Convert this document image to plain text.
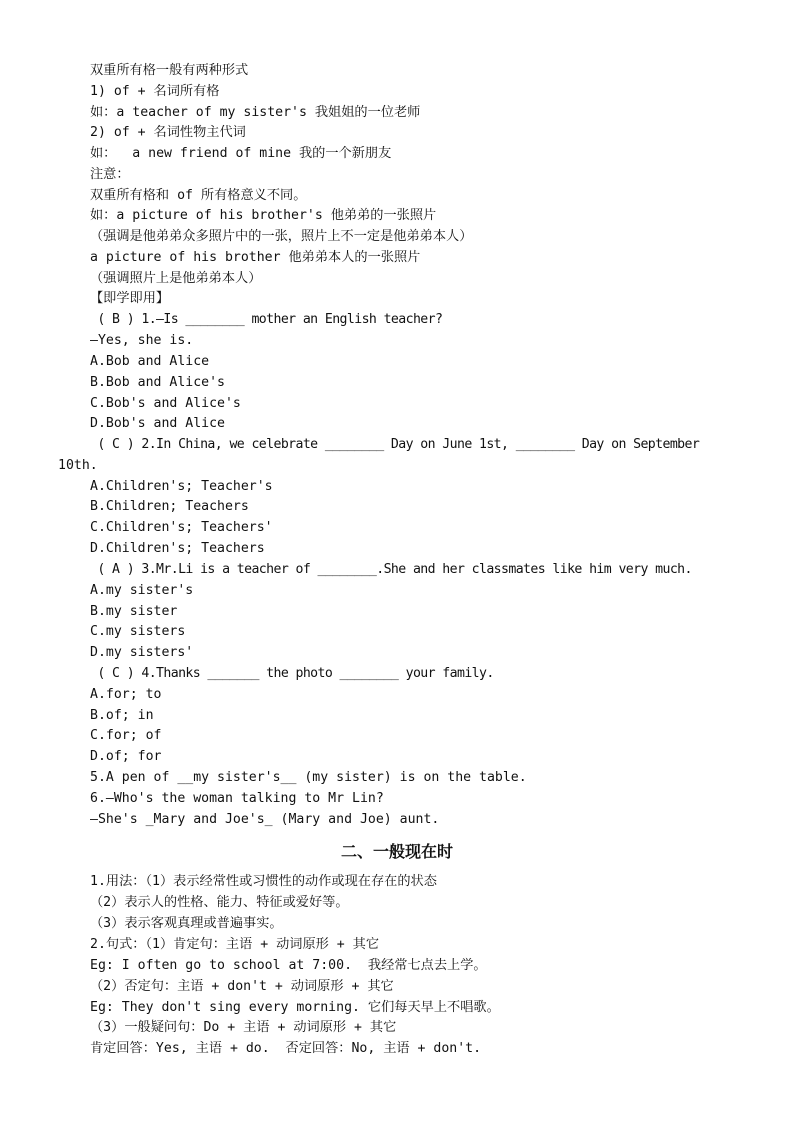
双重所有格一般有两种形式
1) of + 名词所有格
如：a teacher of my sister's 我姐姐的一位老师
2) of + 名词性物主代词
如：  a new friend of mine 我的一个新朋友
注意：
双重所有格和 of 所有格意义不同。
如：a picture of his brother's 他弟弟的一张照片
（强调是他弟弟众多照片中的一张，照片上不一定是他弟弟本人）
a picture of his brother 他弟弟本人的一张照片
（强调照片上是他弟弟本人）
【即学即用】
( B ) 1.—Is ________ mother an English teacher?
—Yes, she is.
A.Bob and Alice
B.Bob and Alice's
C.Bob's and Alice's
D.Bob's and Alice
( C ) 2.In China, we celebrate ________ Day on June 1st, ________ Day on September
10th.
A.Children's; Teacher's
B.Children; Teachers
C.Children's; Teachers'
D.Children's; Teachers
( A ) 3.Mr.Li is a teacher of ________.She and her classmates like him very much.
A.my sister's
B.my sister
C.my sisters
D.my sisters'
( C ) 4.Thanks _______ the photo ________ your family.
A.for; to
B.of; in
C.for; of
D.of; for
5.A pen of __my sister's__ (my sister) is on the table.
6.—Who's the woman talking to Mr Lin?
—She's _Mary and Joe's_ (Mary and Joe) aunt.
二、一般现在时
1.用法：（1）表示经常性或习惯性的动作或现在存在的状态
（2）表示人的性格、能力、特征或爱好等。
（3）表示客观真理或普遍事实。
2.句式：（1）肯定句：主语 + 动词原形 + 其它
Eg: I often go to school at 7:00.  我经常七点去上学。
（2）否定句：主语 + don't + 动词原形 + 其它
Eg: They don't sing every morning. 它们每天早上不唱歌。
（3）一般疑问句：Do + 主语 + 动词原形 + 其它
肯定回答：Yes, 主语 + do.  否定回答：No, 主语 + don't.
